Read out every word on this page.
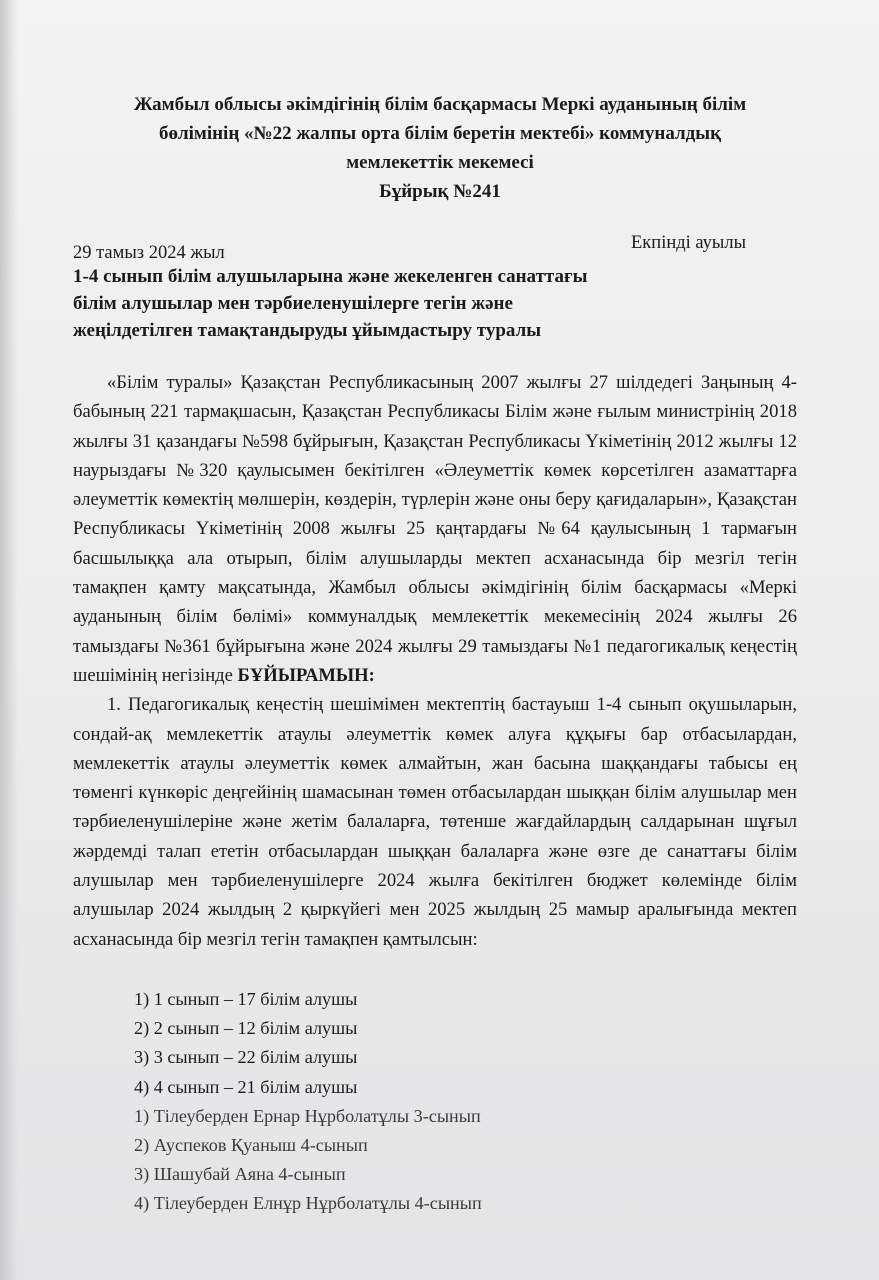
Жамбыл облысы әкімдігінің білім басқармасы Меркі ауданының білім
бөлімінің «№22 жалпы орта білім беретін мектебі» коммуналдық
мемлекеттік мекемесі
Бұйрық №241
29 тамыз 2024 жыл	Екпінді ауылы
1-4 сынып білім алушыларына және жекеленген санаттағы
білім алушылар мен тәрбиеленушілерге тегін және
жеңілдетілген тамақтандыруды ұйымдастыру туралы

«Білім туралы» Қазақстан Республикасының 2007 жылғы 27 шілдедегі Заңының 4-бабының 221 тармақшасын, Қазақстан Республикасы Білім және ғылым министрінің 2018 жылғы 31 қазандағы №598 бұйрығын, Қазақстан Республикасы Үкіметінің 2012 жылғы 12 наурыздағы №320 қаулысымен бекітілген «Әлеуметтік көмек көрсетілген азаматтарға әлеуметтік көмектің мөлшерін, көздерін, түрлерін және оны беру қағидаларын», Қазақстан Республикасы Үкіметінің 2008 жылғы 25 қаңтардағы №64 қаулысының 1 тармағын басшылыққа ала отырып, білім алушыларды мектеп асханасында бір мезгіл тегін тамақпен қамту мақсатында, Жамбыл облысы әкімдігінің білім басқармасы «Меркі ауданының білім бөлімі» коммуналдық мемлекеттік мекемесінің 2024 жылғы 26 тамыздағы №361 бұйрығына және 2024 жылғы 29 тамыздағы №1 педагогикалық кеңестің шешімінің негізінде БҰЙЫРАМЫН:

1. Педагогикалық кеңестің шешімімен мектептің бастауыш 1-4 сынып оқушыларын, сондай-ақ мемлекеттік атаулы әлеуметтік көмек алуға құқығы бар отбасылардан, мемлекеттік атаулы әлеуметтік көмек алмайтын, жан басына шаққандағы табысы ең төменгі күнкөріс деңгейінің шамасынан төмен отбасылардан шыққан білім алушылар мен тәрбиеленушілеріне және жетім балаларға, төтенше жағдайлардың салдарынан шұғыл жәрдемді талап ететін отбасылардан шыққан балаларға және өзге де санаттағы білім алушылар мен тәрбиеленушілерге 2024 жылға бекітілген бюджет көлемінде білім алушылар 2024 жылдың 2 қыркүйегі мен 2025 жылдың 25 мамыр аралығында мектеп асханасында бір мезгіл тегін тамақпен қамтылсын:

1) 1 сынып – 17 білім алушы
2) 2 сынып – 12 білім алушы
3) 3 сынып – 22 білім алушы
4) 4 сынып – 21 білім алушы
1) Тілеуберден Ернар Нұрболатұлы 3-сынып
2) Ауспеков Қуаныш 4-сынып
3) Шашубай Аяна 4-сынып
4) Тілеуберден Елнұр Нұрболатұлы 4-сынып
